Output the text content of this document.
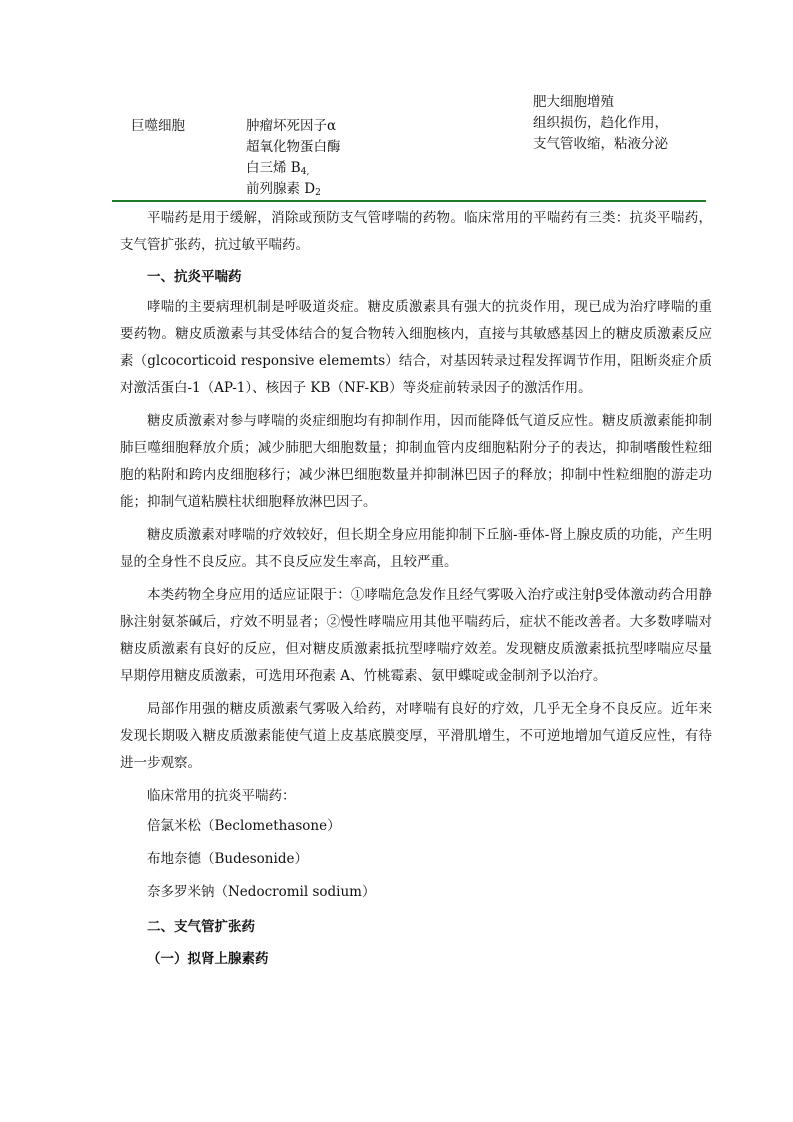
巨噬细胞	肿瘤坏死因子α
超氧化物蛋白酶
白三烯 $B_{4,}$
前列腺素 $D_2$
肥大细胞增殖
组织损伤，趋化作用，
支气管收缩，粘液分泌

平喘药是用于缓解，消除或预防支气管哮喘的药物。临床常用的平喘药有三类：抗炎平喘药，支气管扩张药，抗过敏平喘药。

一、抗炎平喘药

哮喘的主要病理机制是呼吸道炎症。糖皮质激素具有强大的抗炎作用，现已成为治疗哮喘的重要药物。糖皮质激素与其受体结合的复合物转入细胞核内，直接与其敏感基因上的糖皮质激素反应素（glcocorticoid responsive elememts）结合，对基因转录过程发挥调节作用，阻断炎症介质对激活蛋白-1（AP-1）、核因子 KB（NF-KB）等炎症前转录因子的激活作用。

糖皮质激素对参与哮喘的炎症细胞均有抑制作用，因而能降低气道反应性。糖皮质激素能抑制肺巨噬细胞释放介质；减少肺肥大细胞数量；抑制血管内皮细胞粘附分子的表达，抑制嗜酸性粒细胞的粘附和跨内皮细胞移行；减少淋巴细胞数量并抑制淋巴因子的释放；抑制中性粒细胞的游走功能；抑制气道粘膜柱状细胞释放淋巴因子。

糖皮质激素对哮喘的疗效较好，但长期全身应用能抑制下丘脑-垂体-肾上腺皮质的功能，产生明显的全身性不良反应。其不良反应发生率高，且较严重。

本类药物全身应用的适应证限于：①哮喘危急发作且经气雾吸入治疗或注射β受体激动药合用静脉注射氨茶碱后，疗效不明显者；②慢性哮喘应用其他平喘药后，症状不能改善者。大多数哮喘对糖皮质激素有良好的反应，但对糖皮质激素抵抗型哮喘疗效差。发现糖皮质激素抵抗型哮喘应尽量早期停用糖皮质激素，可选用环孢素 A、竹桃霉素、氨甲蝶啶或金制剂予以治疗。

局部作用强的糖皮质激素气雾吸入给药，对哮喘有良好的疗效，几乎无全身不良反应。近年来发现长期吸入糖皮质激素能使气道上皮基底膜变厚，平滑肌增生，不可逆地增加气道反应性，有待进一步观察。

临床常用的抗炎平喘药：

倍氯米松（Beclomethasone）
布地奈德（Budesonide）
奈多罗米钠（Nedocromil sodium）
二、支气管扩张药
（一）拟肾上腺素药
